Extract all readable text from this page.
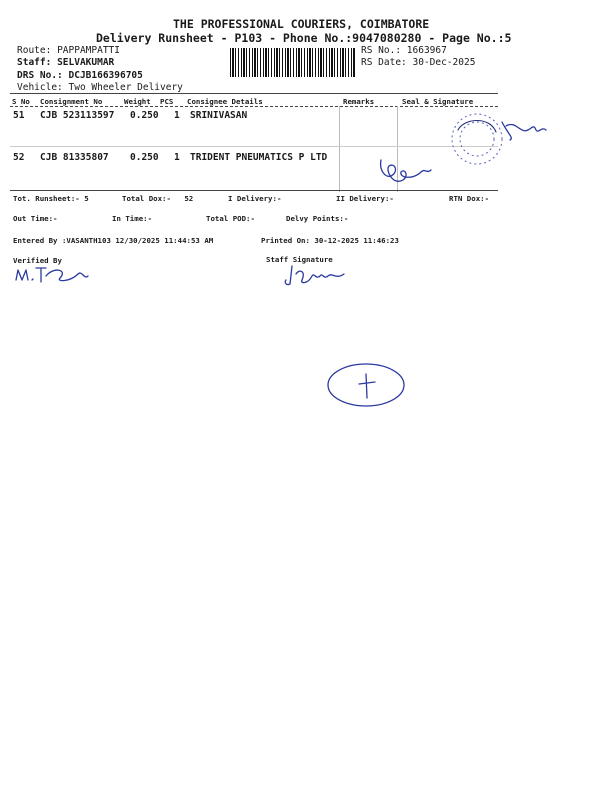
THE PROFESSIONAL COURIERS, COIMBATORE
Delivery Runsheet - P103 - Phone No.:9047080280 - Page No.:5
Route: PAPPAMPATTI
Staff: SELVAKUMAR
DRS No.: DCJB166396705
Vehicle: Two Wheeler Delivery
RS No.: 1663967
RS Date: 30-Dec-2025
S No Consignment No	Weight PCS Consignee Details	Remarks	Seal & Signature
51 CJB 523113597 0.250 1 SRINIVASAN
52 CJB 81335807 0.250 1 TRIDENT PNEUMATICS P LTD
Tot. Runsheet:- 5	Total Dox:- 52	I Delivery:-	II Delivery:-	RTN Dox:-
Out Time:-	In Time:-	Total POD:-	Delvy Points:-
Entered By :VASANTH103 12/30/2025 11:44:53 AM	Printed On: 30-12-2025 11:46:23
Verified By	Staff Signature
